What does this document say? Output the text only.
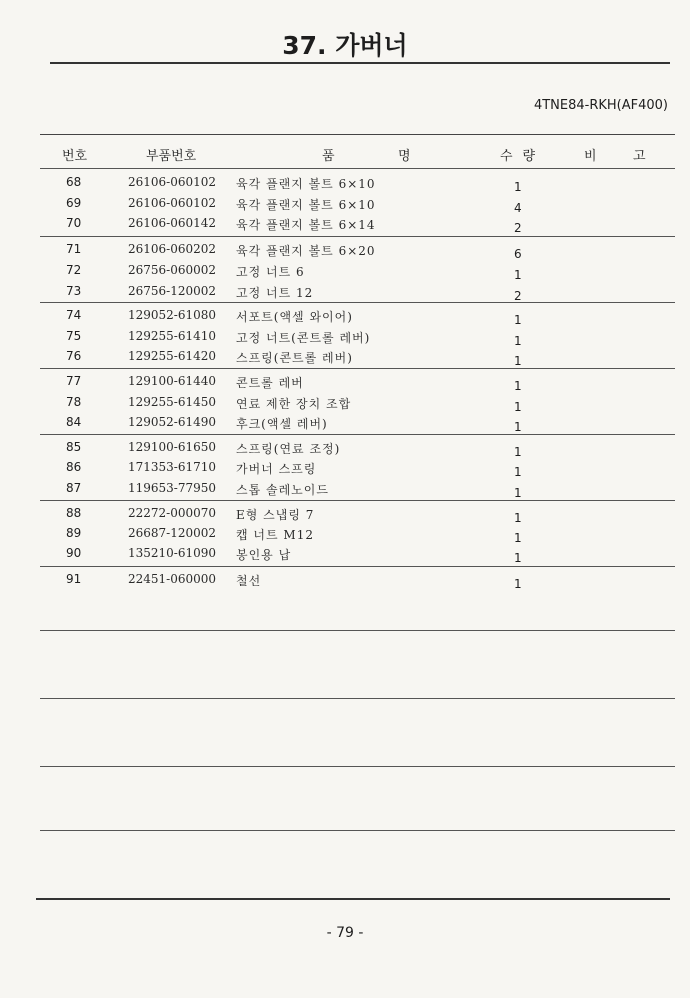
37. 가버너
4TNE84-RKH(AF400)
번호	부품번호	품	명	수량	비	고
68	26106-060102 육각 플랜지 볼트 6×10	1
69	26106-060102 육각 플랜지 볼트 6×10	4
70	26106-060142 육각 플랜지 볼트 6×14	2
71	26106-060202 육각 플랜지 볼트 6×20	6
72	26756-060002 고정 너트 6	1
73	26756-120002 고정 너트 12	2
74	129052-61080 서포트(액셀 와이어)	1
75	129255-61410 고정 너트(콘트롤 레버)	1
76	129255-61420 스프링(콘트롤 레버)	1
77	129100-61440 콘트롤 레버	1
78	129255-61450 연료 제한 장치 조합	1
84	129052-61490 후크(액셀 레버)	1
85	129100-61650 스프링(연료 조정)	1
86	171353-61710 가버너 스프링	1
87	119653-77950 스톱 솔레노이드	1
88	22272-000070 E형 스냅링 7	1
89	26687-120002 캡 너트 M12	1
90	135210-61090 봉인용 납	1
91	22451-060000 철선	1
- 79 -
